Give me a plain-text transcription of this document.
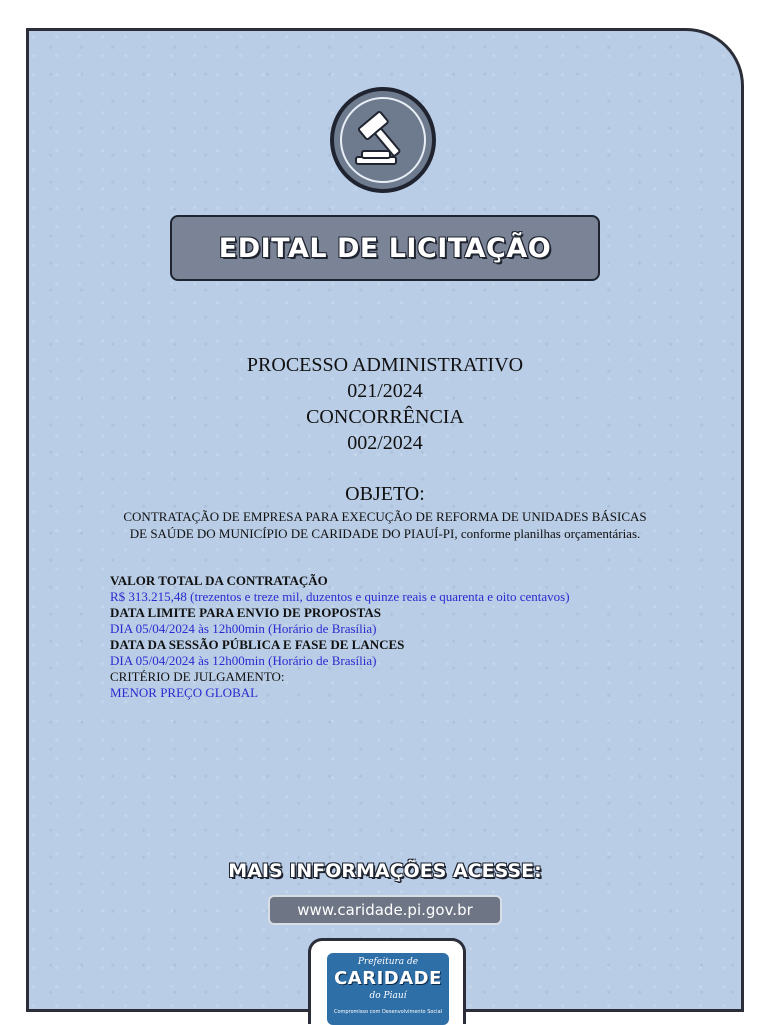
EDITAL DE LICITAÇÃO
PROCESSO ADMINISTRATIVO
021/2024
CONCORRÊNCIA
002/2024
OBJETO:
CONTRATAÇÃO DE EMPRESA PARA EXECUÇÃO DE REFORMA DE UNIDADES BÁSICAS DE SAÚDE DO MUNICÍPIO DE CARIDADE DO PIAUÍ-PI, conforme planilhas orçamentárias.
VALOR TOTAL DA CONTRATAÇÃO
R$ 313.215,48 (trezentos e treze mil, duzentos e quinze reais e quarenta e oito centavos)
DATA LIMITE PARA ENVIO DE PROPOSTAS
DIA 05/04/2024 às 12h00min (Horário de Brasília)
DATA DA SESSÃO PÚBLICA E FASE DE LANCES
DIA 05/04/2024 às 12h00min (Horário de Brasília)
CRITÉRIO DE JULGAMENTO:
MENOR PREÇO GLOBAL
MAIS INFORMAÇÕES ACESSE:
www.caridade.pi.gov.br
Prefeitura de
CARIDADE
do Piauí
Compromisso com Desenvolvimento Social
